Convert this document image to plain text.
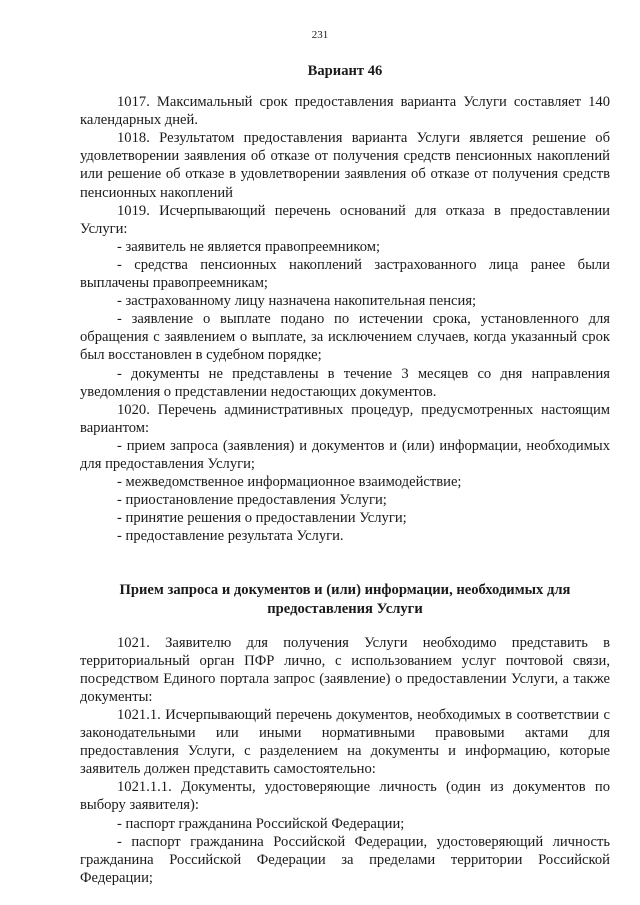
231

Вариант 46

1017. Максимальный срок предоставления варианта Услуги составляет 140 календарных дней.

1018. Результатом предоставления варианта Услуги является решение об удовлетворении заявления об отказе от получения средств пенсионных накоплений или решение об отказе в удовлетворении заявления об отказе от получения средств пенсионных накоплений

1019. Исчерпывающий перечень оснований для отказа в предоставлении Услуги:

- заявитель не является правопреемником;

- средства пенсионных накоплений застрахованного лица ранее были выплачены правопреемникам;

- застрахованному лицу назначена накопительная пенсия;

- заявление о выплате подано по истечении срока, установленного для обращения с заявлением о выплате, за исключением случаев, когда указанный срок был восстановлен в судебном порядке;

- документы не представлены в течение 3 месяцев со дня направления уведомления о представлении недостающих документов.

1020. Перечень административных процедур, предусмотренных настоящим вариантом:

- прием запроса (заявления) и документов и (или) информации, необходимых для предоставления Услуги;

- межведомственное информационное взаимодействие;

- приостановление предоставления Услуги;

- принятие решения о предоставлении Услуги;

- предоставление результата Услуги.

Прием запроса и документов и (или) информации, необходимых для предоставления Услуги

1021. Заявителю для получения Услуги необходимо представить в территориальный орган ПФР лично, с использованием услуг почтовой связи, посредством Единого портала запрос (заявление) о предоставлении Услуги, а также документы:

1021.1. Исчерпывающий перечень документов, необходимых в соответствии с законодательными или иными нормативными правовыми актами для предоставления Услуги, с разделением на документы и информацию, которые заявитель должен представить самостоятельно:

1021.1.1. Документы, удостоверяющие личность (один из документов по выбору заявителя):

- паспорт гражданина Российской Федерации;

- паспорт гражданина Российской Федерации, удостоверяющий личность гражданина Российской Федерации за пределами территории Российской Федерации;
